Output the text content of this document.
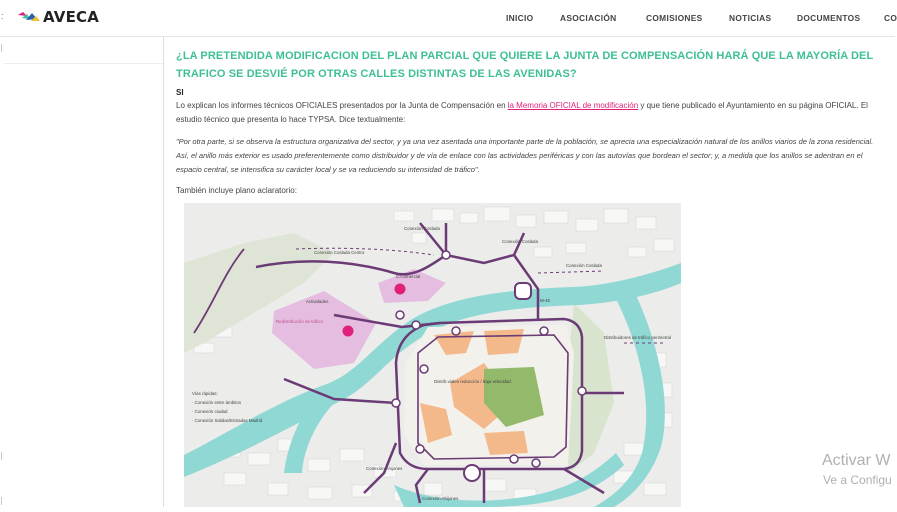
:	AVECA	INICIO	ASOCIACIÓN	COMISIONES	NOTICIAS	DOCUMENTOS	CO
¿LA PRETENDIDA MODIFICACION DEL PLAN PARCIAL QUE QUIERE LA JUNTA DE COMPENSACIÓN HARÁ QUE LA MAYORÍA DEL TRAFICO SE DESVIÉ POR OTRAS CALLES DISTINTAS DE LAS AVENIDAS?
SI
Lo explican los informes técnicos OFICIALES presentados por la Junta de Compensación en la Memoria OFICIAL de modificación y que tiene publicado el Ayuntamiento en su página OFICIAL. El estudio técnico que presenta lo hace TYPSA. Dice textualmente:
"Por otra parte, si se observa la estructura organizativa del sector, y ya una vez asentada una importante parte de la población, se aprecia una especialización natural de los anillos viarios de la zona residencial. Así, el anillo más exterior es usado preferentemente como distribuidor y de vía de enlace con las actividades periféricas y con las autovías que bordean el sector; y, a medida que los anillos se adentran en el espacio central, se intensifica su carácter local y se va reduciendo su intensidad de tráfico".
También incluye plano aclaratorio:
Conexión Coslada
Conexión Coslada Centro
Conexión Coslada
Conexión Coslada
C.Comercial
Actividades
Redistribución de tráfico
M-45
Distrib.viales reducción / baja velocidad
Conexión Ahijones
Conexión Ahijones
Distribuidores de tráfico perimetral
Vías rápidas:
· Conexión entre ámbitos
· Conexión ciudad
· Conexión Salidas/Entradas Madrid
Activar W
Ve a Configu
